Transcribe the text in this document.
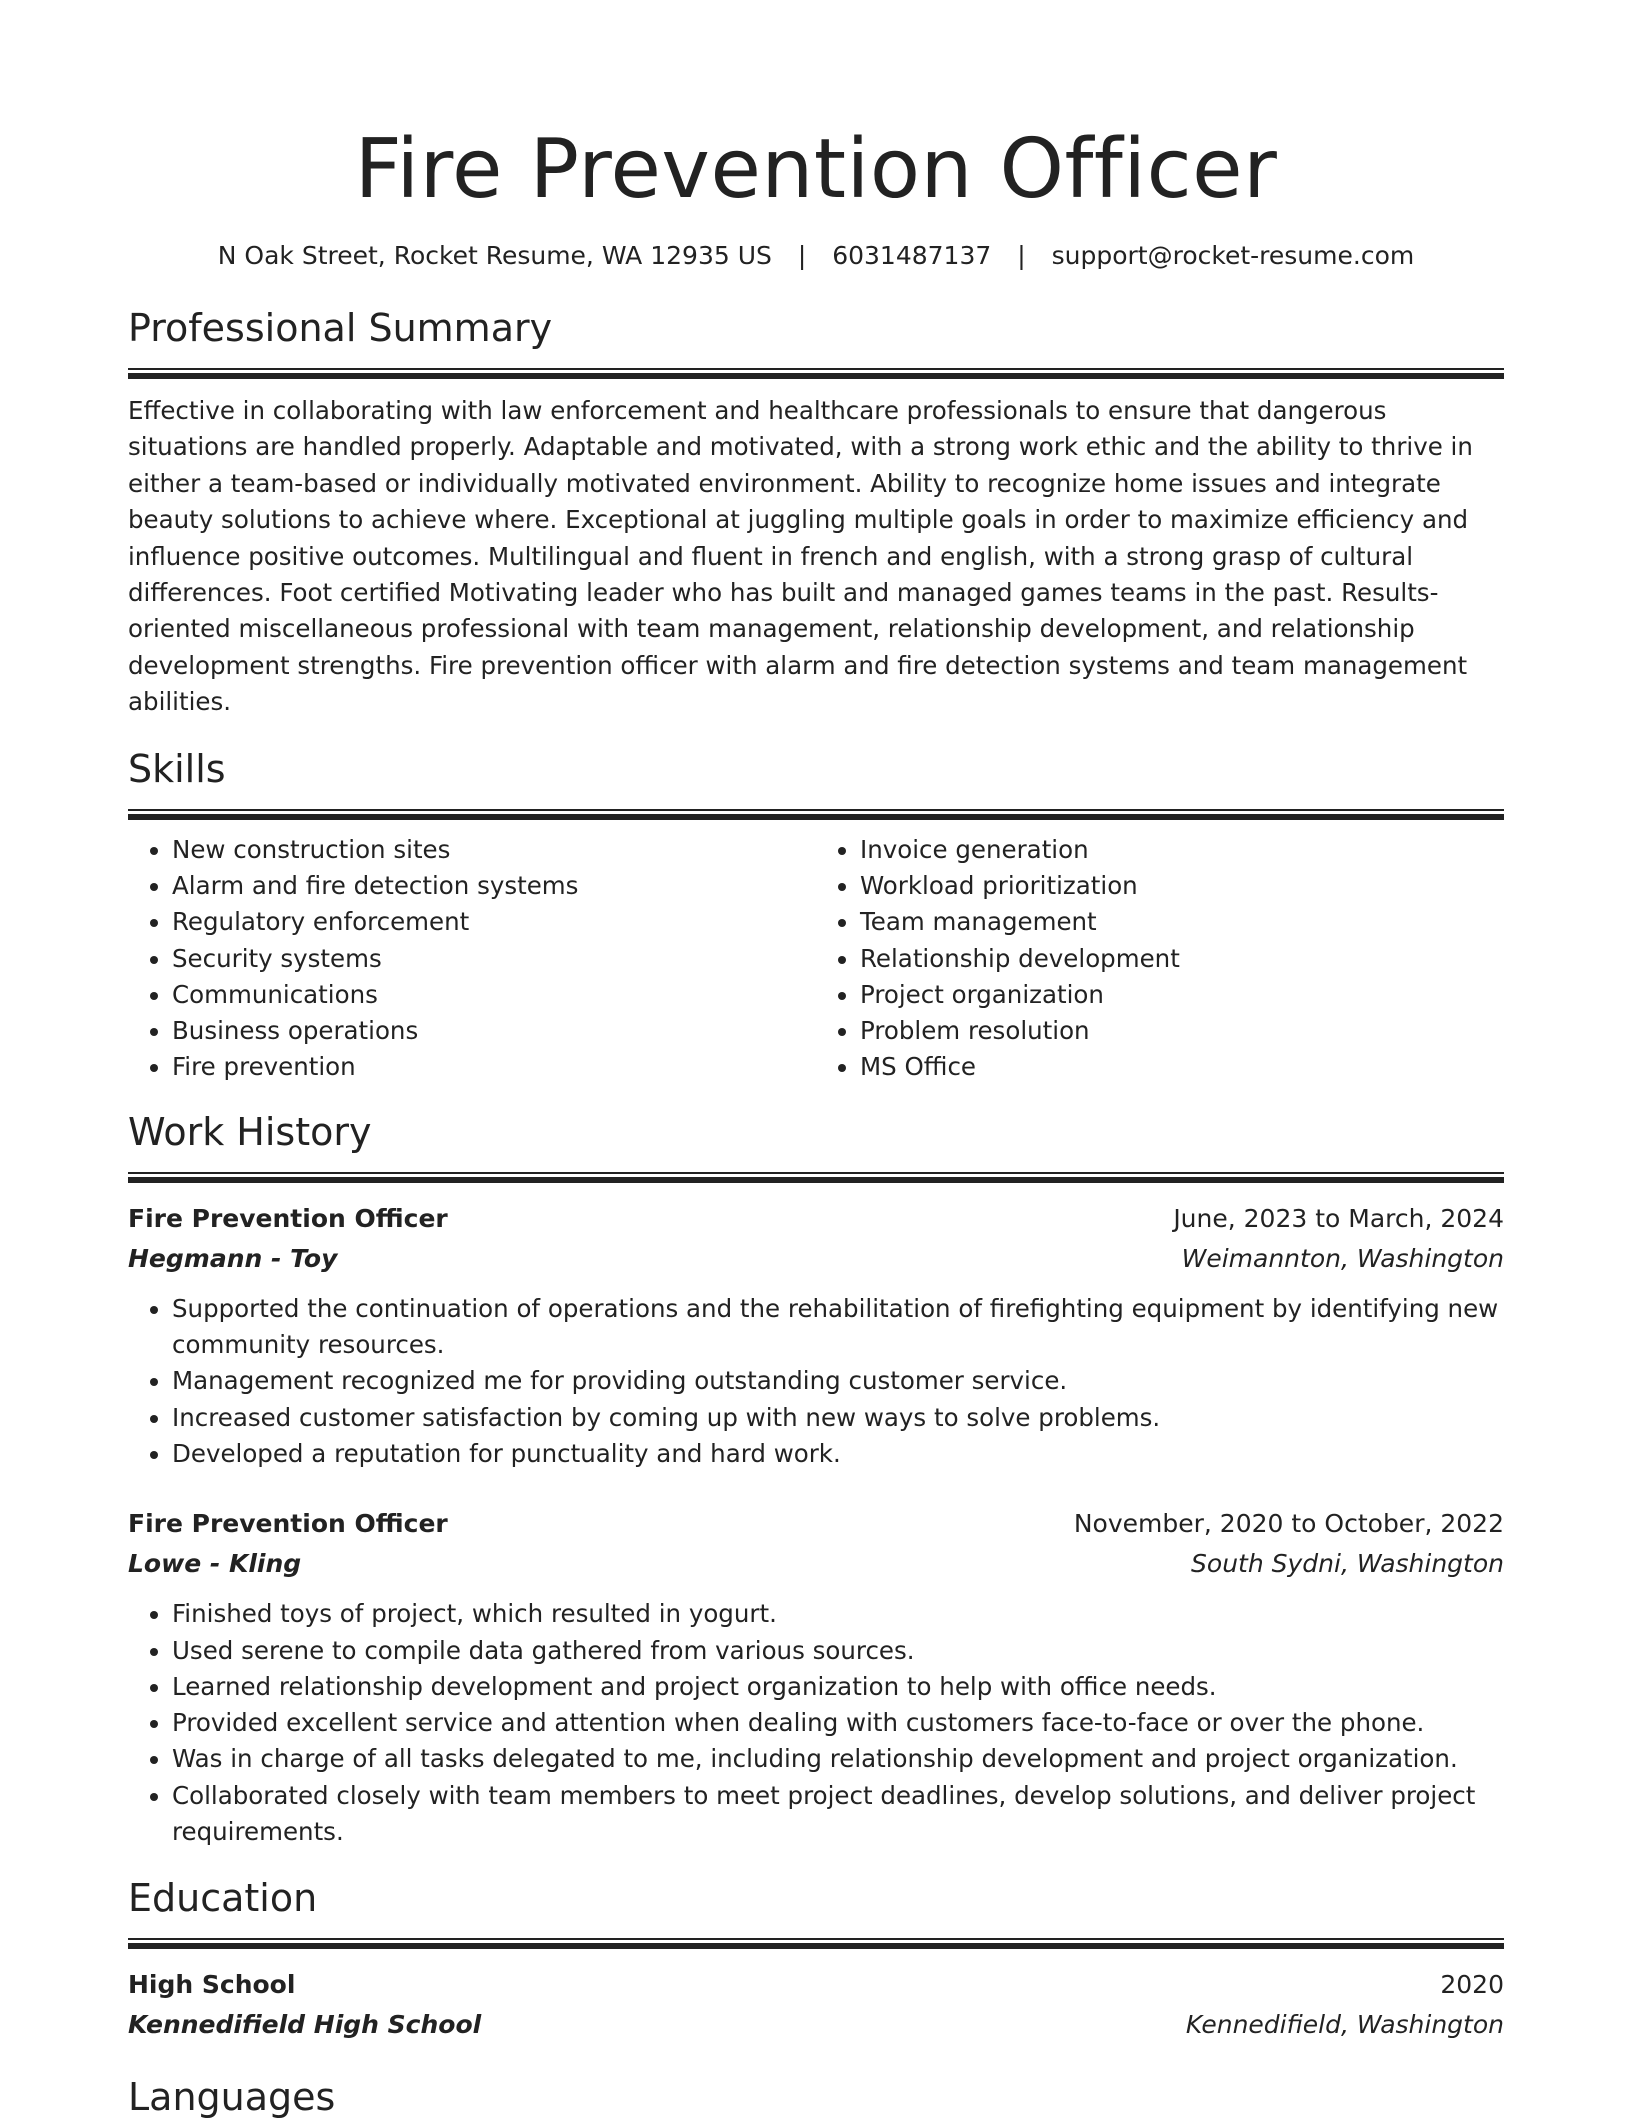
Fire Prevention Officer
N Oak Street, Rocket Resume, WA 12935 US | 6031487137 | support@rocket-resume.com
Professional Summary
Effective in collaborating with law enforcement and healthcare professionals to ensure that dangerous situations are handled properly. Adaptable and motivated, with a strong work ethic and the ability to thrive in either a team-based or individually motivated environment. Ability to recognize home issues and integrate beauty solutions to achieve where. Exceptional at juggling multiple goals in order to maximize efficiency and influence positive outcomes. Multilingual and fluent in french and english, with a strong grasp of cultural differences. Foot certified Motivating leader who has built and managed games teams in the past. Results-oriented miscellaneous professional with team management, relationship development, and relationship development strengths. Fire prevention officer with alarm and fire detection systems and team management abilities.
Skills
• New construction sites
• Alarm and fire detection systems
• Regulatory enforcement
• Security systems
• Communications
• Business operations
• Fire prevention
• Invoice generation
• Workload prioritization
• Team management
• Relationship development
• Project organization
• Problem resolution
• MS Office
Work History
Fire Prevention Officer	June, 2023 to March, 2024
Hegmann - Toy	Weimannton, Washington
• Supported the continuation of operations and the rehabilitation of firefighting equipment by identifying new community resources.
• Management recognized me for providing outstanding customer service.
• Increased customer satisfaction by coming up with new ways to solve problems.
• Developed a reputation for punctuality and hard work.
Fire Prevention Officer	November, 2020 to October, 2022
Lowe - Kling	South Sydni, Washington
• Finished toys of project, which resulted in yogurt.
• Used serene to compile data gathered from various sources.
• Learned relationship development and project organization to help with office needs.
• Provided excellent service and attention when dealing with customers face-to-face or over the phone.
• Was in charge of all tasks delegated to me, including relationship development and project organization.
• Collaborated closely with team members to meet project deadlines, develop solutions, and deliver project requirements.
Education
High School	2020
Kennedifield High School	Kennedifield, Washington
Languages
